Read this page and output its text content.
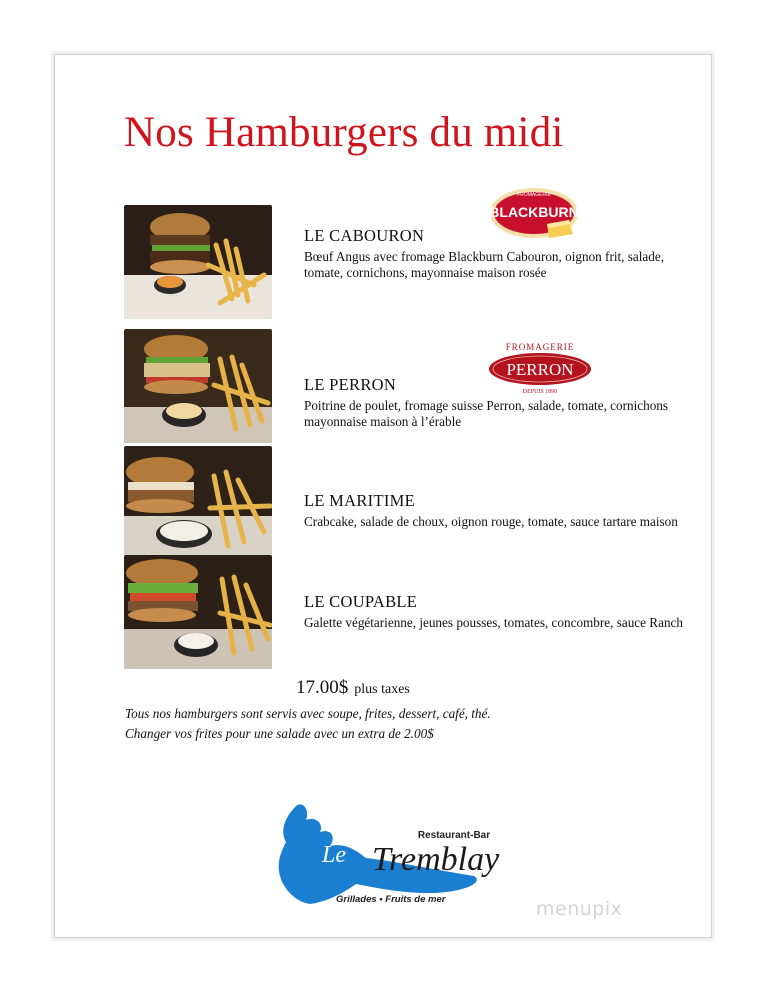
Nos Hamburgers du midi
LE CABOURON
Bœuf Angus avec fromage Blackburn Cabouron, oignon frit, salade, tomate, cornichons, mayonnaise maison rosée
LE PERRON
Poitrine de poulet, fromage suisse Perron, salade, tomate, cornichons mayonnaise maison à l’érable
LE MARITIME
Crabcake, salade de choux, oignon rouge, tomate, sauce tartare maison
LE COUPABLE
Galette végétarienne, jeunes pousses, tomates, concombre, sauce Ranch
FROMAGERIE
BLACKBURN
FROMAGERIE
PERRON
DEPUIS 1890
17.00$ plus taxes
Tous nos hamburgers sont servis avec soupe, frites, dessert, café, thé.
Changer vos frites pour une salade avec un extra de 2.00$
Restaurant-Bar
Le Tremblay
Grillades • Fruits de mer	menupix
